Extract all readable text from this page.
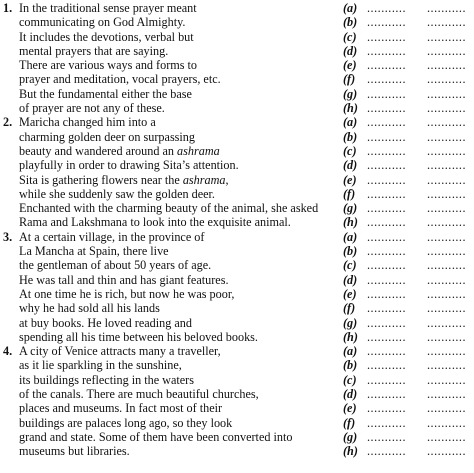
1. In the traditional sense prayer meant	(a) ........... ...........
communicating on God Almighty.	(b) ........... ...........
It includes the devotions, verbal but	(c) ........... ...........
mental prayers that are saying.	(d) ........... ...........
There are various ways and forms to	(e) ........... ...........
prayer and meditation, vocal prayers, etc.	(f) ........... ...........
But the fundamental either the base	(g) ........... ...........
of prayer are not any of these.	(h) ........... ...........
2. Maricha changed him into a	(a) ........... ...........
charming golden deer on surpassing	(b) ........... ...........
beauty and wandered around an ashrama	(c) ........... ...........
playfully in order to drawing Sita’s attention.	(d) ........... ...........
Sita is gathering flowers near the ashrama,	(e) ........... ...........
while she suddenly saw the golden deer.	(f) ........... ...........
Enchanted with the charming beauty of the animal, she asked (g) ........... ...........
Rama and Lakshmana to look into the exquisite animal.	(h) ........... ...........
3. At a certain village, in the province of	(a) ........... ...........
La Mancha at Spain, there live	(b) ........... ...........
the gentleman of about 50 years of age.	(c) ........... ...........
He was tall and thin and has giant features.	(d) ........... ...........
At one time he is rich, but now he was poor,	(e) ........... ...........
why he had sold all his lands	(f) ........... ...........
at buy books. He loved reading and	(g) ........... ...........
spending all his time between his beloved books.	(h) ........... ...........
4. A city of Venice attracts many a traveller,	(a) ........... ...........
as it lie sparkling in the sunshine,	(b) ........... ...........
its buildings reflecting in the waters	(c) ........... ...........
of the canals. There are much beautiful churches,	(d) ........... ...........
places and museums. In fact most of their	(e) ........... ...........
buildings are palaces long ago, so they look	(f) ........... ...........
grand and state. Some of them have been converted into	(g) ........... ...........
museums but libraries.	(h) ........... ...........
